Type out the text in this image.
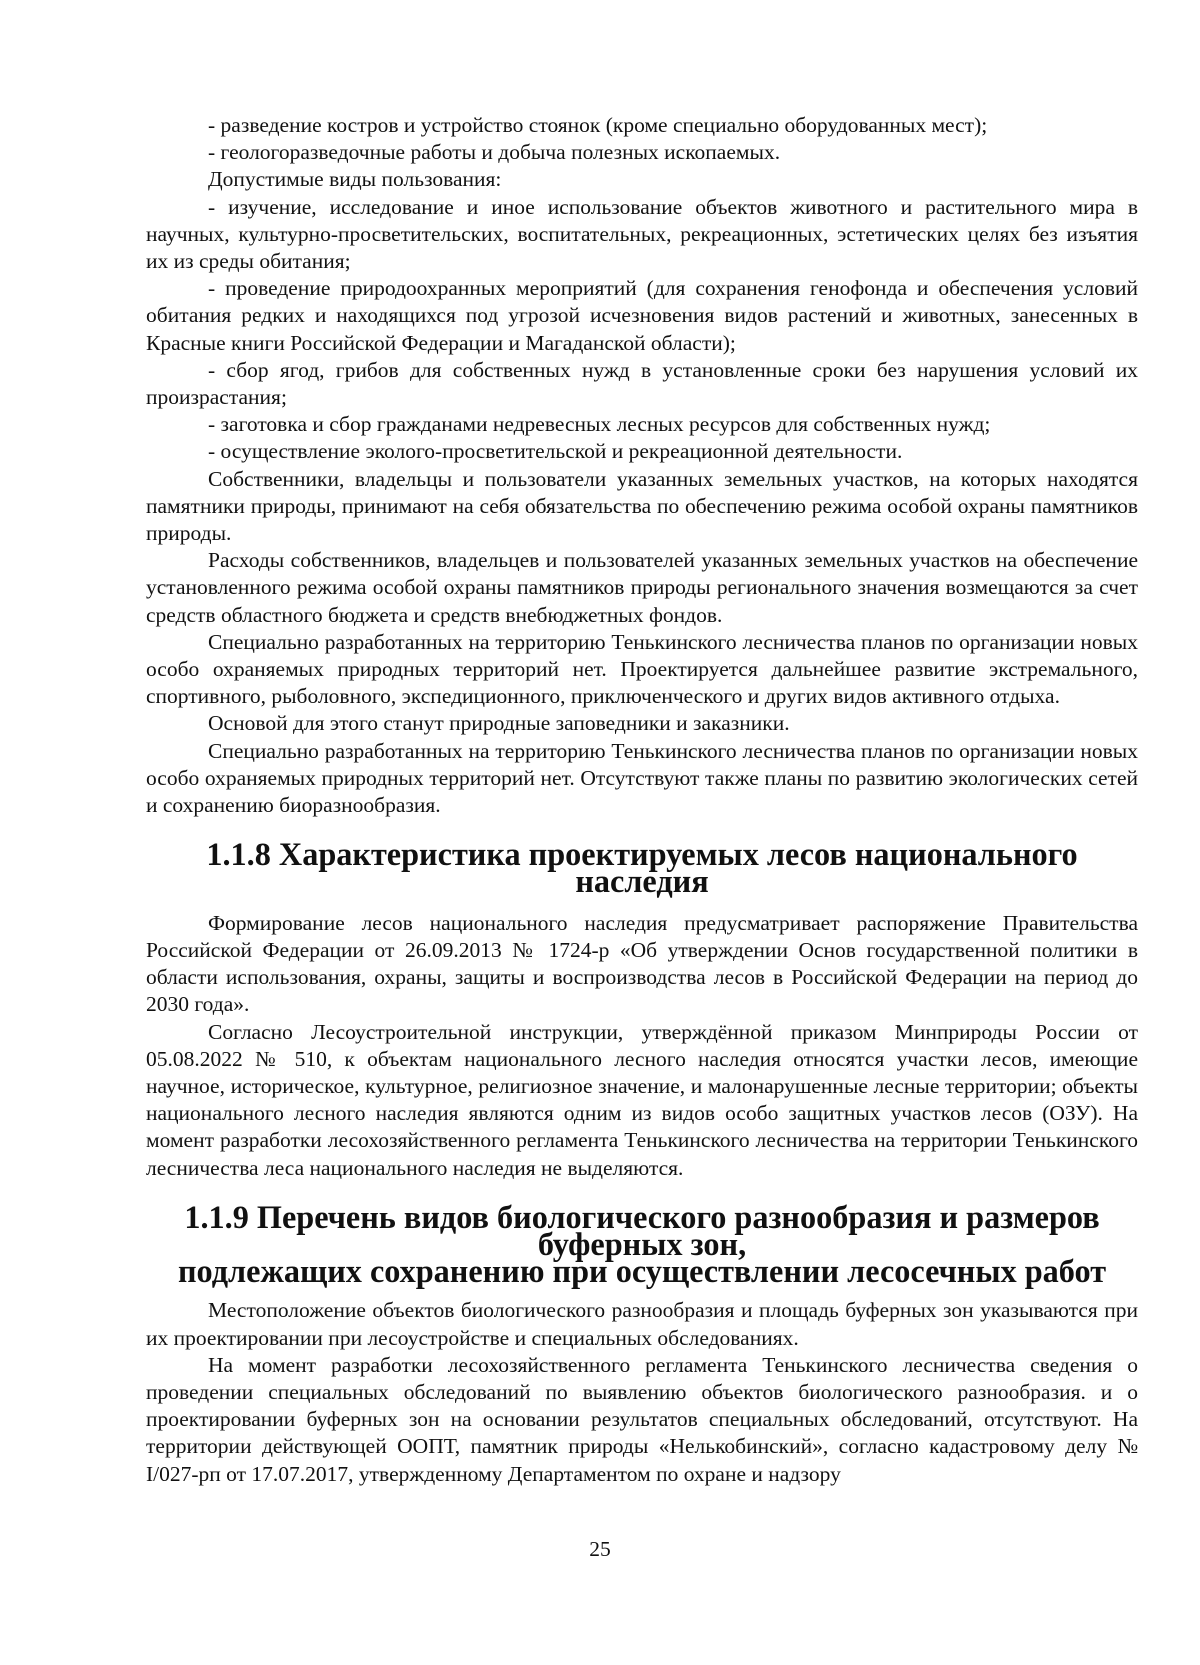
- разведение костров и устройство стоянок (кроме специально оборудованных мест);

- геологоразведочные работы и добыча полезных ископаемых.

Допустимые виды пользования:

- изучение, исследование и иное использование объектов животного и растительного мира в научных, культурно-просветительских, воспитательных, рекреационных, эстетических целях без изъятия их из среды обитания;

- проведение природоохранных мероприятий (для сохранения генофонда и обеспечения условий обитания редких и находящихся под угрозой исчезновения видов растений и животных, занесенных в Красные книги Российской Федерации и Магаданской области);

- сбор ягод, грибов для собственных нужд в установленные сроки без нарушения условий их произрастания;

- заготовка и сбор гражданами недревесных лесных ресурсов для собственных нужд;

- осуществление эколого-просветительской и рекреационной деятельности.

Собственники, владельцы и пользователи указанных земельных участков, на которых находятся памятники природы, принимают на себя обязательства по обеспечению режима особой охраны памятников природы.

Расходы собственников, владельцев и пользователей указанных земельных участков на обеспечение установленного режима особой охраны памятников природы регионального значения возмещаются за счет средств областного бюджета и средств внебюджетных фондов.

Специально разработанных на территорию Тенькинского лесничества планов по организации новых особо охраняемых природных территорий нет. Проектируется дальнейшее развитие экстремального, спортивного, рыболовного, экспедиционного, приключенческого и других видов активного отдыха.

Основой для этого станут природные заповедники и заказники.

Специально разработанных на территорию Тенькинского лесничества планов по организации новых особо охраняемых природных территорий нет. Отсутствуют также планы по развитию экологических сетей и сохранению биоразнообразия.

1.1.8 Характеристика проектируемых лесов национального наследия

Формирование лесов национального наследия предусматривает распоряжение Правительства Российской Федерации от 26.09.2013 № 1724-р «Об утверждении Основ государственной политики в области использования, охраны, защиты и воспроизводства лесов в Российской Федерации на период до 2030 года».

Согласно Лесоустроительной инструкции, утверждённой приказом Минприроды России от 05.08.2022 № 510, к объектам национального лесного наследия относятся участки лесов, имеющие научное, историческое, культурное, религиозное значение, и малонарушенные лесные территории; объекты национального лесного наследия являются одним из видов особо защитных участков лесов (ОЗУ). На момент разработки лесохозяйственного регламента Тенькинского лесничества на территории Тенькинского лесничества леса национального наследия не выделяются.

1.1.9 Перечень видов биологического разнообразия и размеров буферных зон,
подлежащих сохранению при осуществлении лесосечных работ

Местоположение объектов биологического разнообразия и площадь буферных зон указываются при их проектировании при лесоустройстве и специальных обследованиях.

На момент разработки лесохозяйственного регламента Тенькинского лесничества сведения о проведении специальных обследований по выявлению объектов биологического разнообразия. и о проектировании буферных зон на основании результатов специальных обследований, отсутствуют. На территории действующей ООПТ, памятник природы «Нелькобинский», согласно кадастровому делу № I/027-рп от 17.07.2017, утвержденному Департаментом по охране и надзору

25
